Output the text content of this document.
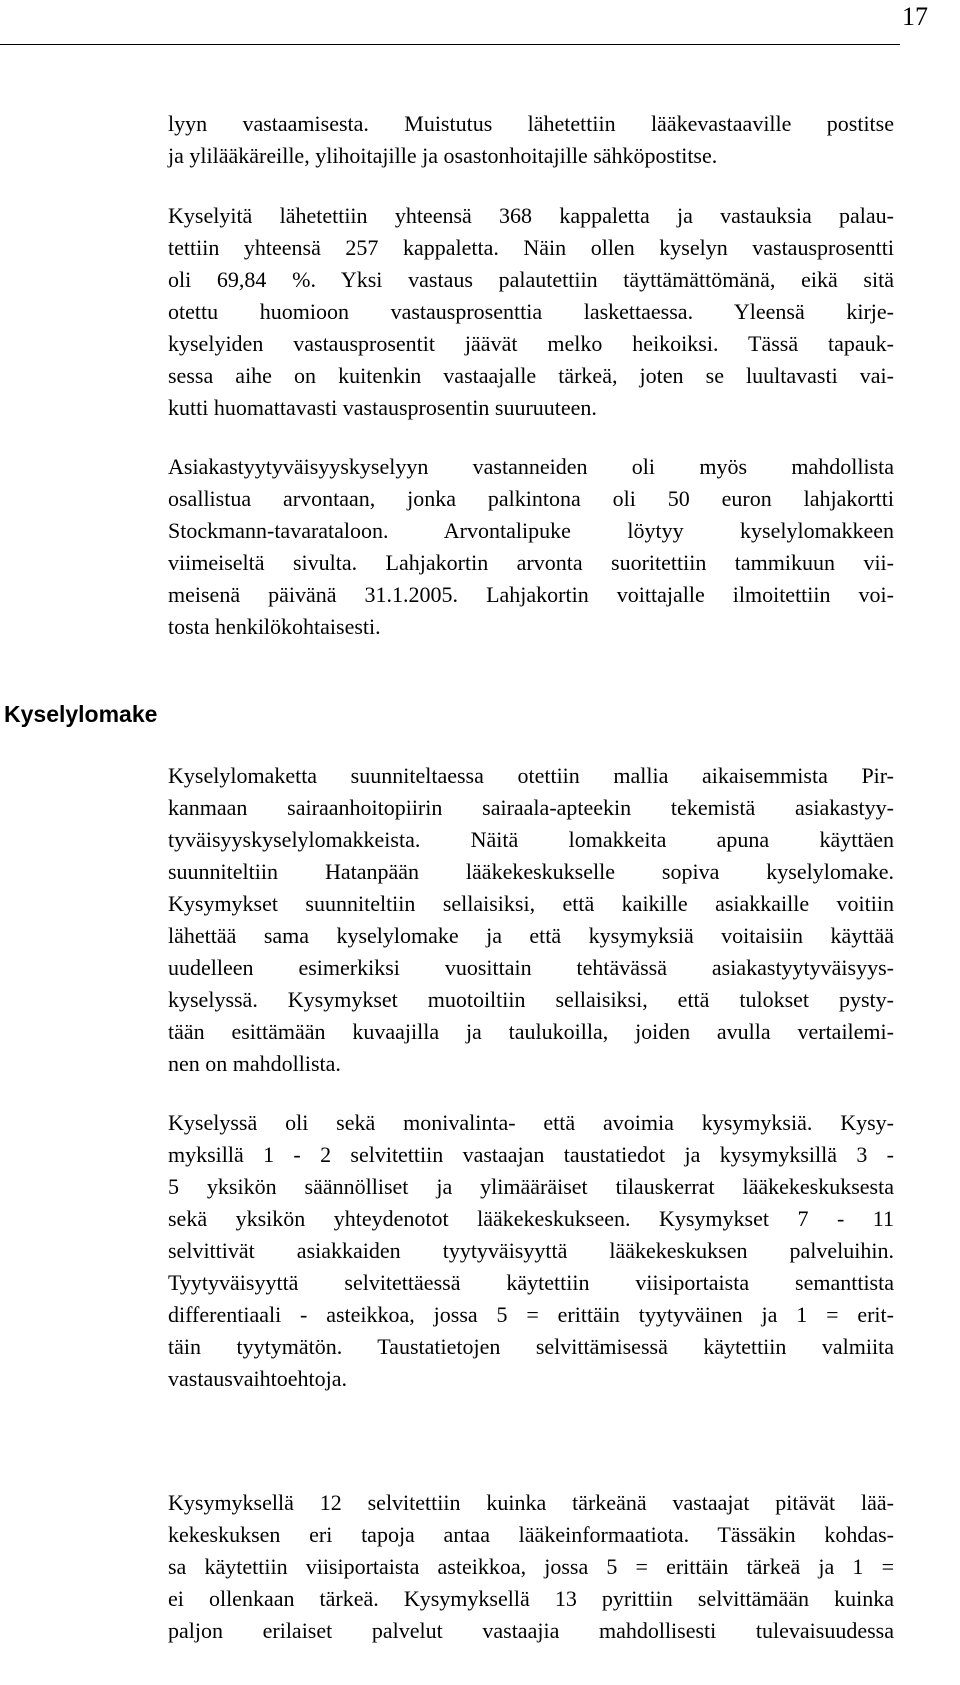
17

lyyn vastaamisesta. Muistutus lähetettiin lääkevastaaville postitse
ja ylilääkäreille, ylihoitajille ja osastonhoitajille sähköpostitse.

Kyselyitä lähetettiin yhteensä 368 kappaletta ja vastauksia palau-
tettiin yhteensä 257 kappaletta. Näin ollen kyselyn vastausprosentti
oli 69,84 %. Yksi vastaus palautettiin täyttämättömänä, eikä sitä
otettu huomioon vastausprosenttia laskettaessa. Yleensä kirje-
kyselyiden vastausprosentit jäävät melko heikoiksi. Tässä tapauk-
sessa aihe on kuitenkin vastaajalle tärkeä, joten se luultavasti vai-
kutti huomattavasti vastausprosentin suuruuteen.

Asiakastyytyväisyyskyselyyn vastanneiden oli myös mahdollista
osallistua arvontaan, jonka palkintona oli 50 euron lahjakortti
Stockmann-tavarataloon. Arvontalipuke löytyy kyselylomakkeen
viimeiseltä sivulta. Lahjakortin arvonta suoritettiin tammikuun vii-
meisenä päivänä 31.1.2005. Lahjakortin voittajalle ilmoitettiin voi-
tosta henkilökohtaisesti.

Kyselylomake

Kyselylomaketta suunniteltaessa otettiin mallia aikaisemmista Pir-
kanmaan sairaanhoitopiirin sairaala-apteekin tekemistä asiakastyy-
tyväisyyskyselylomakkeista. Näitä lomakkeita apuna käyttäen
suunniteltiin Hatanpään lääkekeskukselle sopiva kyselylomake.
Kysymykset suunniteltiin sellaisiksi, että kaikille asiakkaille voitiin
lähettää sama kyselylomake ja että kysymyksiä voitaisiin käyttää
uudelleen esimerkiksi vuosittain tehtävässä asiakastyytyväisyys-
kyselyssä. Kysymykset muotoiltiin sellaisiksi, että tulokset pysty-
tään esittämään kuvaajilla ja taulukoilla, joiden avulla vertailemi-
nen on mahdollista.

Kyselyssä oli sekä monivalinta- että avoimia kysymyksiä. Kysy-
myksillä 1 - 2 selvitettiin vastaajan taustatiedot ja kysymyksillä 3 -
5 yksikön säännölliset ja ylimääräiset tilauskerrat lääkekeskuksesta
sekä yksikön yhteydenotot lääkekeskukseen. Kysymykset 7 - 11
selvittivät asiakkaiden tyytyväisyyttä lääkekeskuksen palveluihin.
Tyytyväisyyttä selvitettäessä käytettiin viisiportaista semanttista
differentiaali - asteikkoa, jossa 5 = erittäin tyytyväinen ja 1 = erit-
täin tyytymätön. Taustatietojen selvittämisessä käytettiin valmiita
vastausvaihtoehtoja.

Kysymyksellä 12 selvitettiin kuinka tärkeänä vastaajat pitävät lää-
kekeskuksen eri tapoja antaa lääkeinformaatiota. Tässäkin kohdas-
sa käytettiin viisiportaista asteikkoa, jossa 5 = erittäin tärkeä ja 1 =
ei ollenkaan tärkeä. Kysymyksellä 13 pyrittiin selvittämään kuinka
paljon erilaiset palvelut vastaajia mahdollisesti tulevaisuudessa
